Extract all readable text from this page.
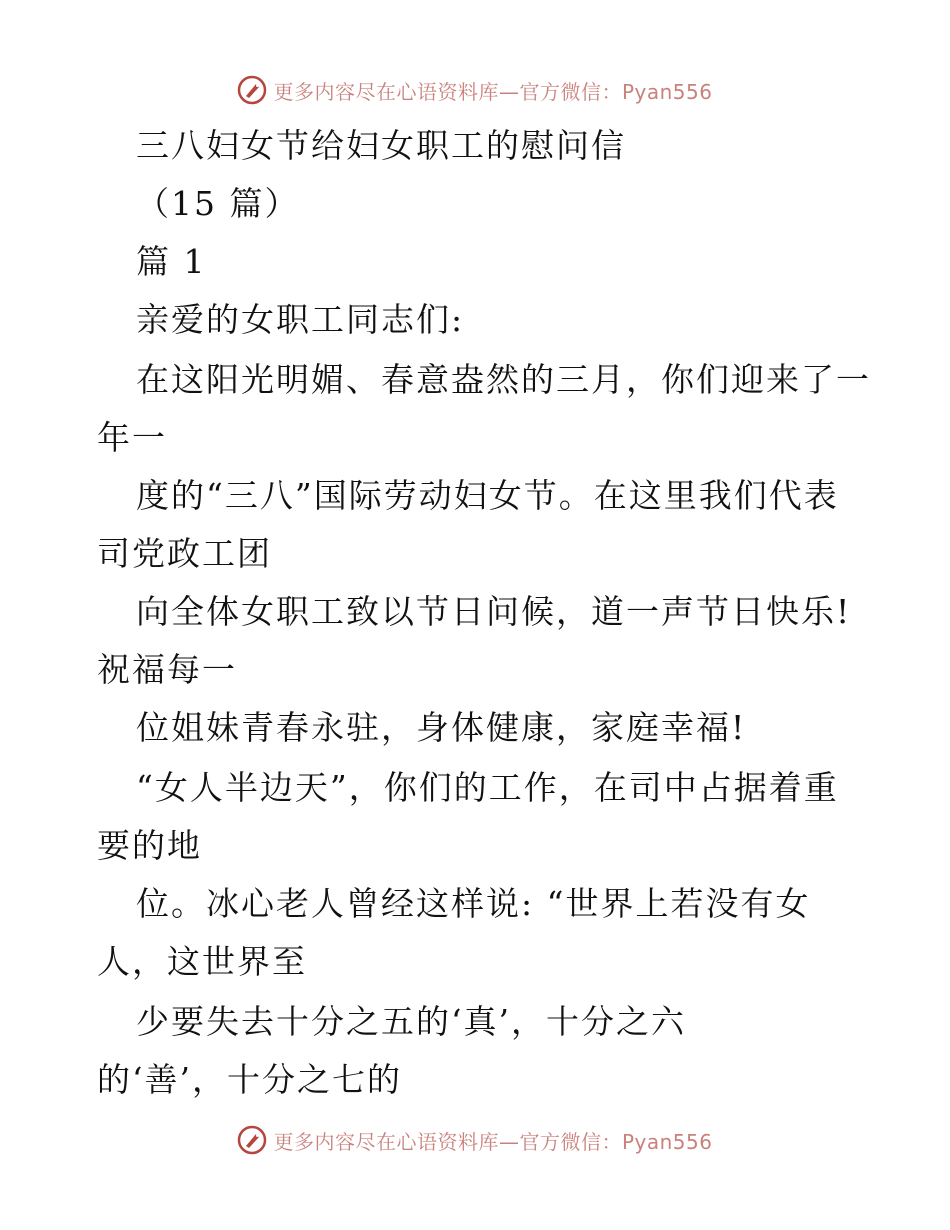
更多内容尽在心语资料库—官方微信：Pyan556
三八妇女节给妇女职工的慰问信
（15 篇）
篇 1
亲爱的女职工同志们:
在这阳光明媚、春意盎然的三月，你们迎来了一
年一
度的“三八”国际劳动妇女节。在这里我们代表
司党政工团
向全体女职工致以节日问候，道一声节日快乐!
祝福每一
位姐妹青春永驻，身体健康，家庭幸福!
“女人半边天”，你们的工作，在司中占据着重
要的地
位。冰心老人曾经这样说: “世界上若没有女
人，这世界至
少要失去十分之五的‘真’，十分之六
的‘善’，十分之七的
更多内容尽在心语资料库—官方微信：Pyan556
